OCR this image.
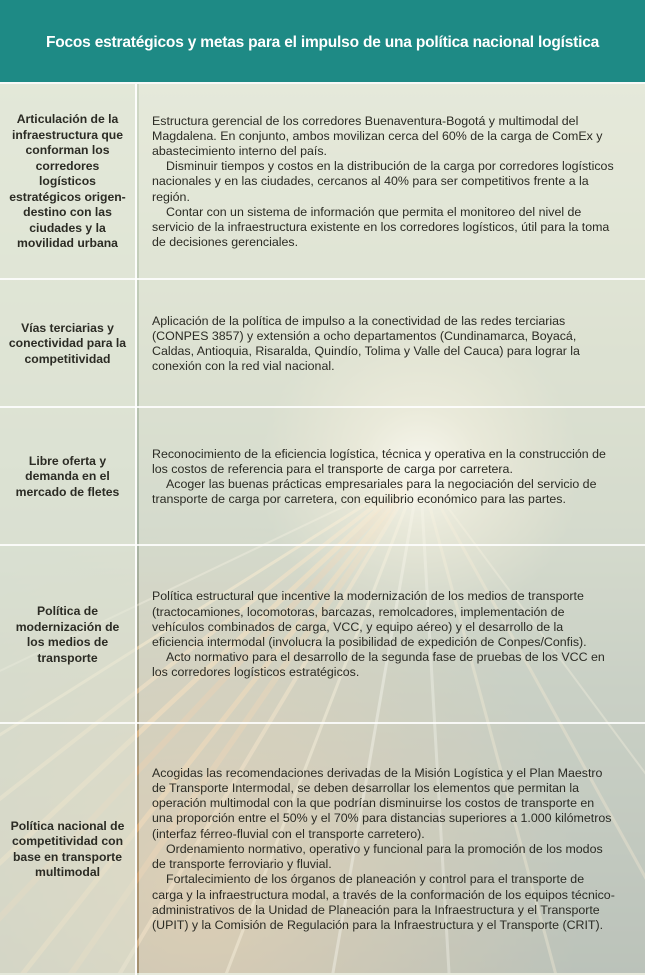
Focos estratégicos y metas para el impulso de una política nacional logística
Articulación de la infraestructura que conforman los corredores logísticos estratégicos origen-destino con las ciudades y la movilidad urbana

Estructura gerencial de los corredores Buenaventura-Bogotá y multimodal del Magdalena. En conjunto, ambos movilizan cerca del 60% de la carga de ComEx y abastecimiento interno del país.

Disminuir tiempos y costos en la distribución de la carga por corredores logísticos nacionales y en las ciudades, cercanos al 40% para ser competitivos frente a la región.

Contar con un sistema de información que permita el monitoreo del nivel de servicio de la infraestructura existente en los corredores logísticos, útil para la toma de decisiones gerenciales.

Vías terciarias y conectividad para la competitividad

Aplicación de la política de impulso a la conectividad de las redes terciarias (CONPES 3857) y extensión a ocho departamentos (Cundinamarca, Boyacá, Caldas, Antioquia, Risaralda, Quindío, Tolima y Valle del Cauca) para lograr la conexión con la red vial nacional.

Libre oferta y demanda en el mercado de fletes

Reconocimiento de la eficiencia logística, técnica y operativa en la construcción de los costos de referencia para el transporte de carga por carretera.

Acoger las buenas prácticas empresariales para la negociación del servicio de transporte de carga por carretera, con equilibrio económico para las partes.

Política de modernización de los medios de transporte

Política estructural que incentive la modernización de los medios de transporte (tractocamiones, locomotoras, barcazas, remolcadores, implementación de vehículos combinados de carga, VCC, y equipo aéreo) y el desarrollo de la eficiencia intermodal (involucra la posibilidad de expedición de Conpes/Confis).

Acto normativo para el desarrollo de la segunda fase de pruebas de los VCC en los corredores logísticos estratégicos.

Política nacional de competitividad con base en transporte multimodal

Acogidas las recomendaciones derivadas de la Misión Logística y el Plan Maestro de Transporte Intermodal, se deben desarrollar los elementos que permitan la operación multimodal con la que podrían disminuirse los costos de transporte en una proporción entre el 50% y el 70% para distancias superiores a 1.000 kilómetros (interfaz férreo-fluvial con el transporte carretero).

Ordenamiento normativo, operativo y funcional para la promoción de los modos de transporte ferroviario y fluvial.

Fortalecimiento de los órganos de planeación y control para el transporte de carga y la infraestructura modal, a través de la conformación de los equipos técnico-administrativos de la Unidad de Planeación para la Infraestructura y el Transporte (UPIT) y la Comisión de Regulación para la Infraestructura y el Transporte (CRIT).
